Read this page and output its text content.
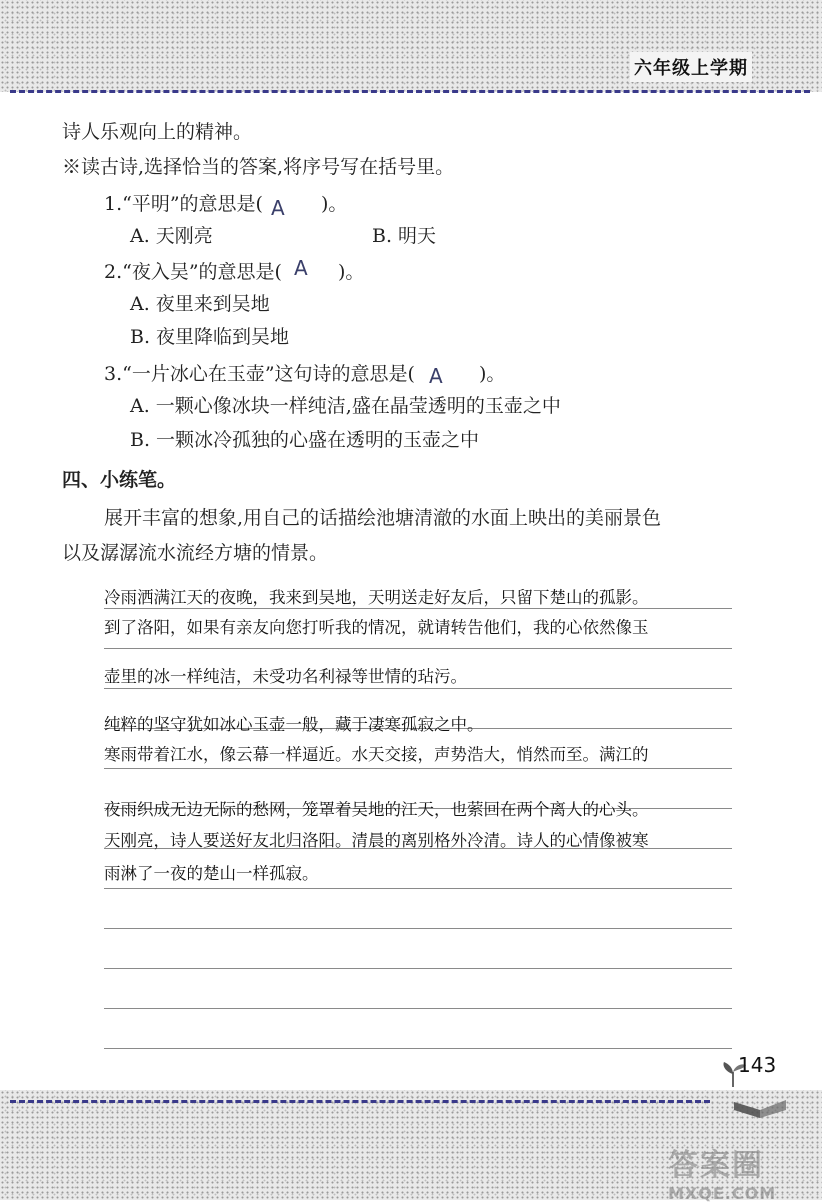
六年级上学期
诗人乐观向上的精神。
※读古诗,选择恰当的答案,将序号写在括号里。
1.“平明”的意思是( A )。
A. 天刚亮	B. 明天
2.“夜入吴”的意思是( A )。
A. 夜里来到吴地
B. 夜里降临到吴地
3.“一片冰心在玉壶”这句诗的意思是( A )。
A. 一颗心像冰块一样纯洁,盛在晶莹透明的玉壶之中
B. 一颗冰冷孤独的心盛在透明的玉壶之中
四、小练笔。
展开丰富的想象,用自己的话描绘池塘清澈的水面上映出的美丽景色
以及潺潺流水流经方塘的情景。
冷雨洒满江天的夜晚，我来到吴地，天明送走好友后，只留下楚山的孤影。
到了洛阳，如果有亲友向您打听我的情况，就请转告他们，我的心依然像玉
壶里的冰一样纯洁，未受功名利禄等世情的玷污。
纯粹的坚守犹如冰心玉壶一般，藏于凄寒孤寂之中。
寒雨带着江水，像云幕一样逼近。水天交接，声势浩大，悄然而至。满江的
夜雨织成无边无际的愁网，笼罩着吴地的江天，也萦回在两个离人的心头。
天刚亮，诗人要送好友北归洛阳。清晨的离别格外冷清。诗人的心情像被寒
雨淋了一夜的楚山一样孤寂。
143
答案圈
MXQE.COM
